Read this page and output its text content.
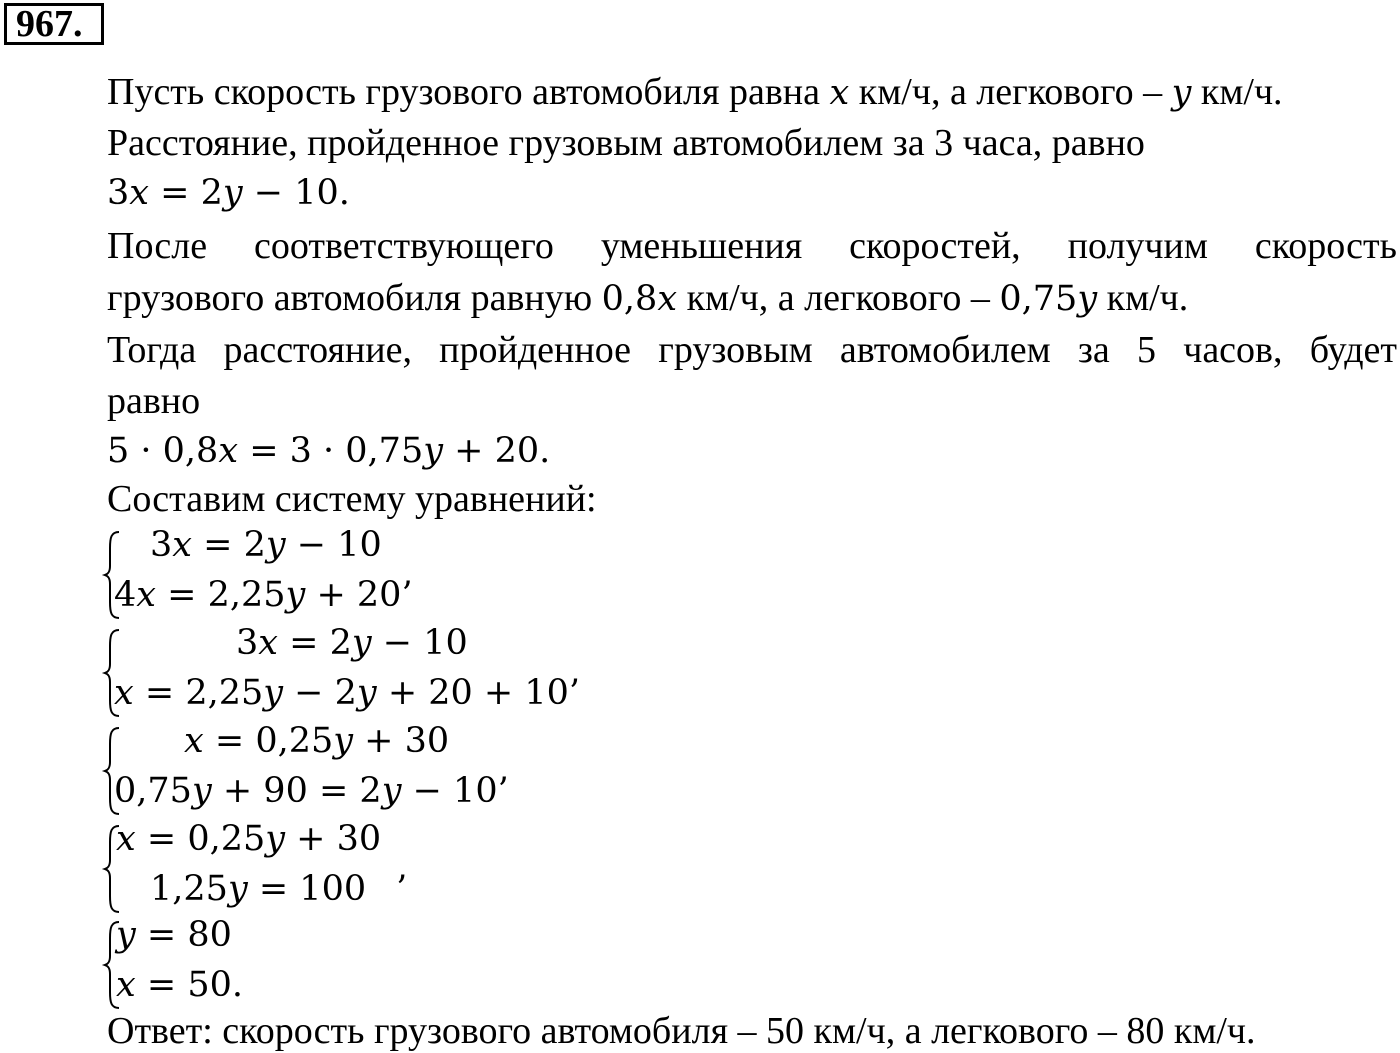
967.

Пусть скорость грузового автомобиля равна x км/ч, а легкового – y км/ч.

Расстояние, пройденное грузовым автомобилем за 3 часа, равно

3x = 2y − 10.

После соответствующего уменьшения скоростей, получим скорость

грузового автомобиля равную 0,8x км/ч, а легкового – 0,75y км/ч.

Тогда расстояние, пройденное грузовым автомобилем за 5 часов, будет

равно

5 · 0,8x = 3 · 0,75y + 20.

Составим систему уравнений:

3x = 2y − 10

4x = 2,25y + 20’

3x = 2y − 10

x = 2,25y − 2y + 20 + 10’

x = 0,25y + 30

0,75y + 90 = 2y − 10’

x = 0,25y + 30

1,25y = 100 ’

y = 80

x = 50.

Ответ: скорость грузового автомобиля – 50 км/ч, а легкового – 80 км/ч.
